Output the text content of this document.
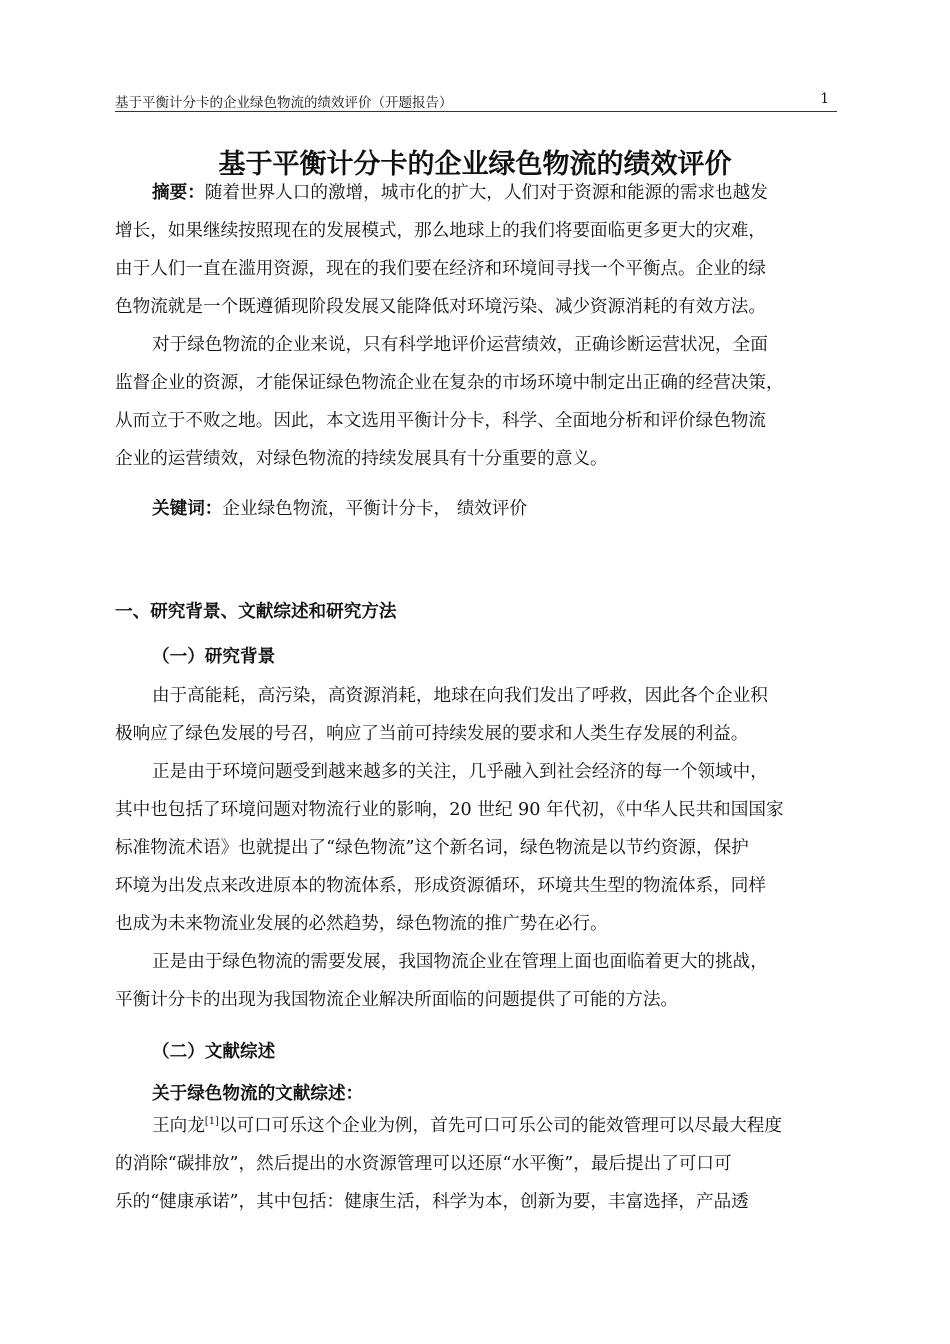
基于平衡计分卡的企业绿色物流的绩效评价（开题报告）	1
基于平衡计分卡的企业绿色物流的绩效评价
摘要：随着世界人口的激增，城市化的扩大，人们对于资源和能源的需求也越发
增长，如果继续按照现在的发展模式，那么地球上的我们将要面临更多更大的灾难，
由于人们一直在滥用资源，现在的我们要在经济和环境间寻找一个平衡点。企业的绿
色物流就是一个既遵循现阶段发展又能降低对环境污染、减少资源消耗的有效方法。
对于绿色物流的企业来说，只有科学地评价运营绩效，正确诊断运营状况，全面
监督企业的资源，才能保证绿色物流企业在复杂的市场环境中制定出正确的经营决策，
从而立于不败之地。因此，本文选用平衡计分卡，科学、全面地分析和评价绿色物流
企业的运营绩效，对绿色物流的持续发展具有十分重要的意义。
关键词：企业绿色物流，平衡计分卡， 绩效评价
一、研究背景、文献综述和研究方法
（一）研究背景
由于高能耗，高污染，高资源消耗，地球在向我们发出了呼救，因此各个企业积
极响应了绿色发展的号召，响应了当前可持续发展的要求和人类生存发展的利益。
正是由于环境问题受到越来越多的关注，几乎融入到社会经济的每一个领域中，
其中也包括了环境问题对物流行业的影响，20 世纪 90 年代初，《中华人民共和国国家
标准物流术语》也就提出了“绿色物流”这个新名词，绿色物流是以节约资源，保护
环境为出发点来改进原本的物流体系，形成资源循环，环境共生型的物流体系，同样
也成为未来物流业发展的必然趋势，绿色物流的推广势在必行。
正是由于绿色物流的需要发展，我国物流企业在管理上面也面临着更大的挑战，
平衡计分卡的出现为我国物流企业解决所面临的问题提供了可能的方法。
（二）文献综述
关于绿色物流的文献综述：
王向龙[1]以可口可乐这个企业为例，首先可口可乐公司的能效管理可以尽最大程度
的消除“碳排放”，然后提出的水资源管理可以还原“水平衡”，最后提出了可口可
乐的“健康承诺”，其中包括：健康生活，科学为本，创新为要，丰富选择，产品透
